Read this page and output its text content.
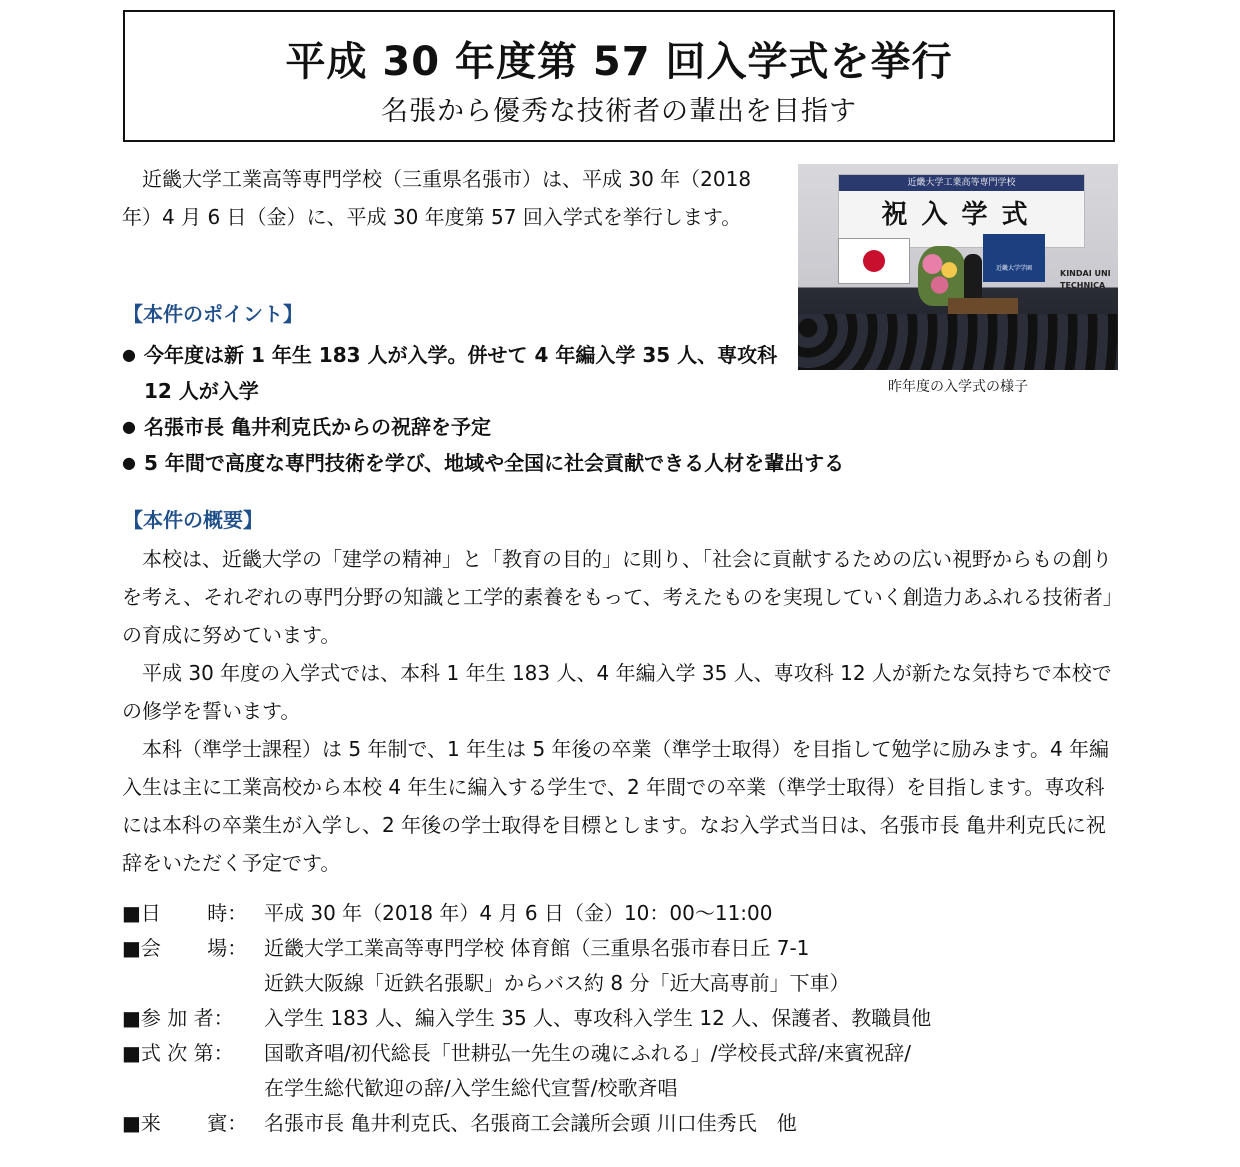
平成 30 年度第 57 回入学式を挙行
名張から優秀な技術者の輩出を目指す

近畿大学工業高等専門学校（三重県名張市）は、平成 30 年（2018 年）4 月 6 日（金）に、平成 30 年度第 57 回入学式を挙行します。

近畿大学工業高等専門学校
祝入学式
近畿大学学園
KINDAI UNI TECHNICA
昨年度の入学式の様子
【本件のポイント】
● 今年度は新 1 年生 183 人が入学。併せて 4 年編入学 35 人、専攻科 12 人が入学
● 名張市長 亀井利克氏からの祝辞を予定
● 5 年間で高度な専門技術を学び、地域や全国に社会貢献できる人材を輩出する
【本件の概要】

本校は、近畿大学の「建学の精神」と「教育の目的」に則り、「社会に貢献するための広い視野からもの創りを考え、それぞれの専門分野の知識と工学的素養をもって、考えたものを実現していく創造力あふれる技術者」の育成に努めています。

平成 30 年度の入学式では、本科 1 年生 183 人、4 年編入学 35 人、専攻科 12 人が新たな気持ちで本校での修学を誓います。

本科（準学士課程）は 5 年制で、1 年生は 5 年後の卒業（準学士取得）を目指して勉学に励みます。4 年編入生は主に工業高校から本校 4 年生に編入する学生で、2 年間での卒業（準学士取得）を目指します。専攻科には本科の卒業生が入学し、2 年後の学士取得を目標とします。なお入学式当日は、名張市長 亀井利克氏に祝辞をいただく予定です。

■日　　 時： 平成 30 年（2018 年）4 月 6 日（金）10：00～11:00
■会　　 場： 近畿大学工業高等専門学校 体育館（三重県名張市春日丘 7-1
近鉄大阪線「近鉄名張駅」からバス約 8 分「近大高専前」下車）
■参 加 者：	入学生 183 人、編入学生 35 人、専攻科入学生 12 人、保護者、教職員他
■式 次 第：	国歌斉唱/初代総長「世耕弘一先生の魂にふれる」/学校長式辞/来賓祝辞/
在学生総代歓迎の辞/入学生総代宣誓/校歌斉唱
■来　　 賓： 名張市長 亀井利克氏、名張商工会議所会頭 川口佳秀氏　他
